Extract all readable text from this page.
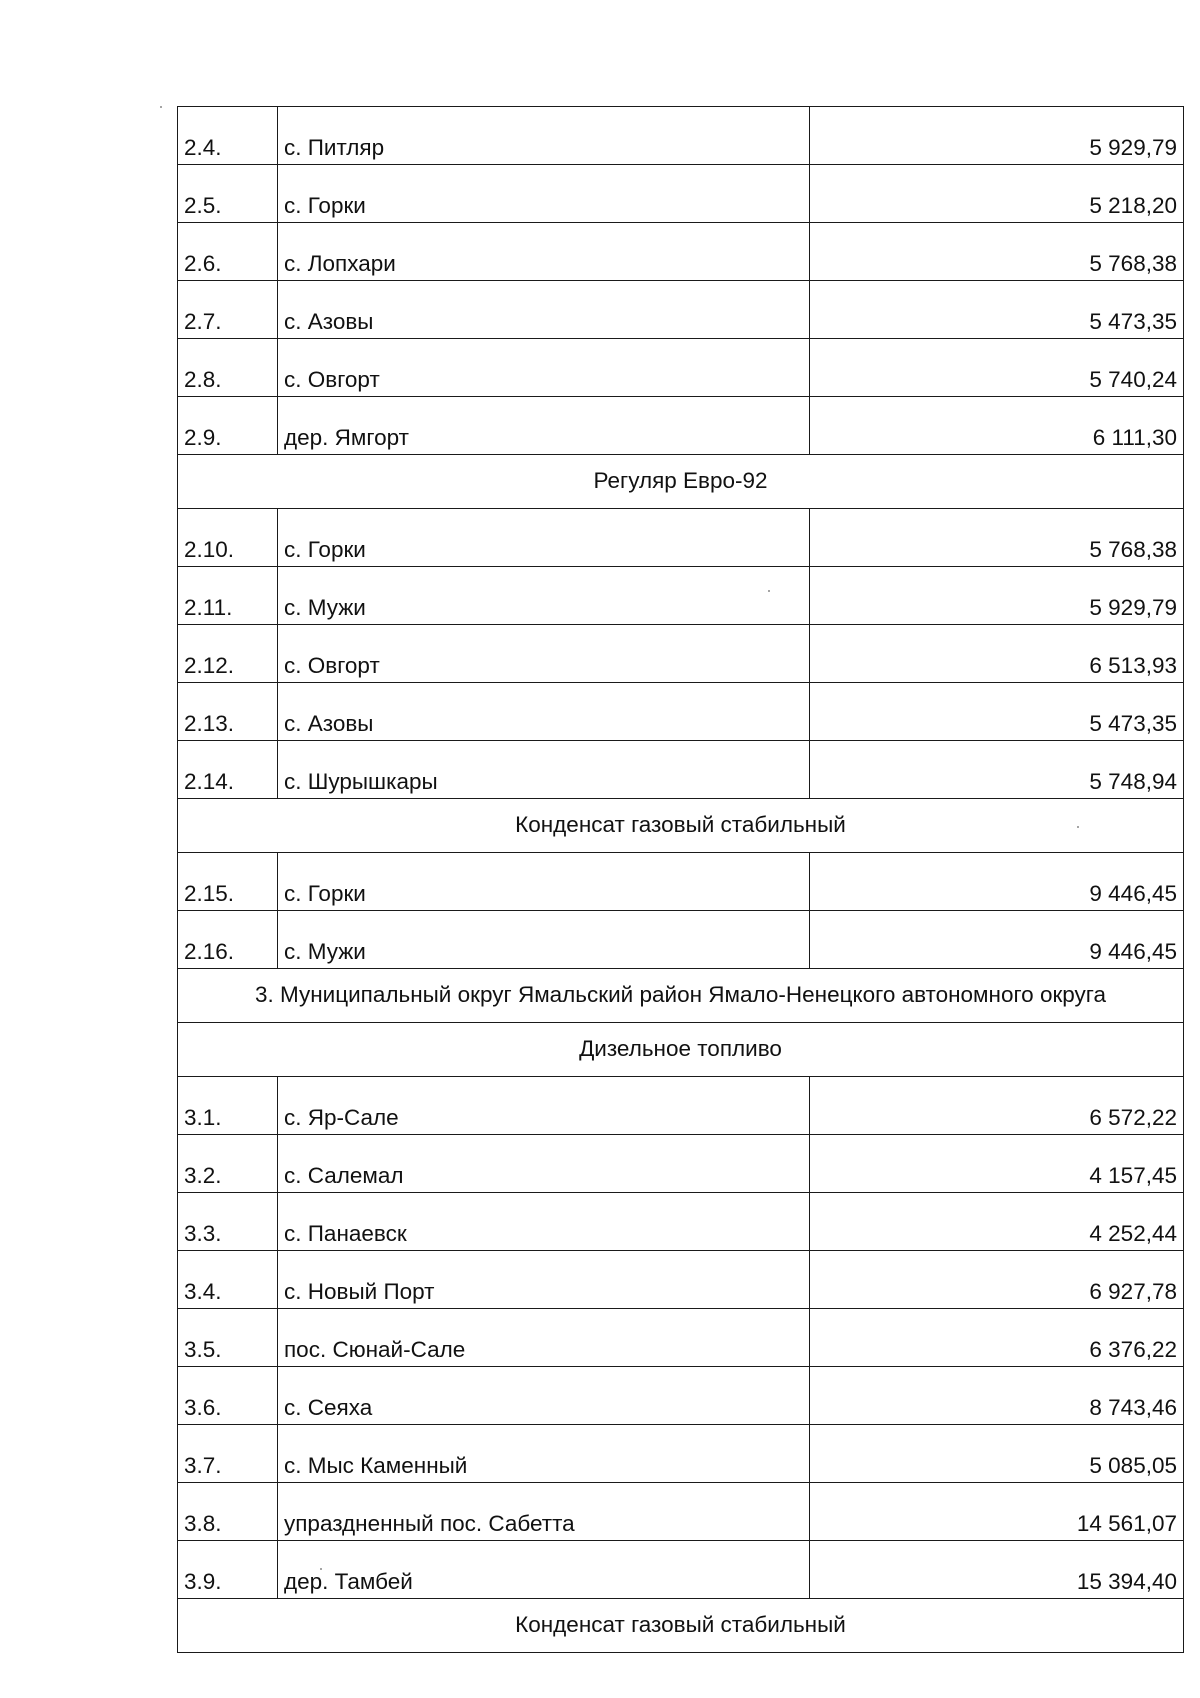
2.4.	с. Питляр	5 929,79
2.5.	с. Горки	5 218,20
2.6.	с. Лопхари	5 768,38
2.7.	с. Азовы	5 473,35
2.8.	с. Овгорт	5 740,24
2.9.	дер. Ямгорт	6 111,30
Регуляр Евро-92		
2.10.	с. Горки	5 768,38
2.11.	с. Мужи	5 929,79
2.12.	с. Овгорт	6 513,93
2.13.	с. Азовы	5 473,35
2.14.	с. Шурышкары	5 748,94
Конденсат газовый стабильный		
2.15.	с. Горки	9 446,45
2.16.	с. Мужи	9 446,45
3. Муниципальный округ Ямальский район Ямало-Ненецкого автономного округа		
Дизельное топливо		
3.1.	с. Яр-Сале	6 572,22
3.2.	с. Салемал	4 157,45
3.3.	с. Панаевск	4 252,44
3.4.	с. Новый Порт	6 927,78
3.5.	пос. Сюнай-Сале	6 376,22
3.6.	с. Сеяха	8 743,46
3.7.	с. Мыс Каменный	5 085,05
3.8.	упраздненный пос. Сабетта	14 561,07
3.9.	дер. Тамбей	15 394,40
Конденсат газовый стабильный		
